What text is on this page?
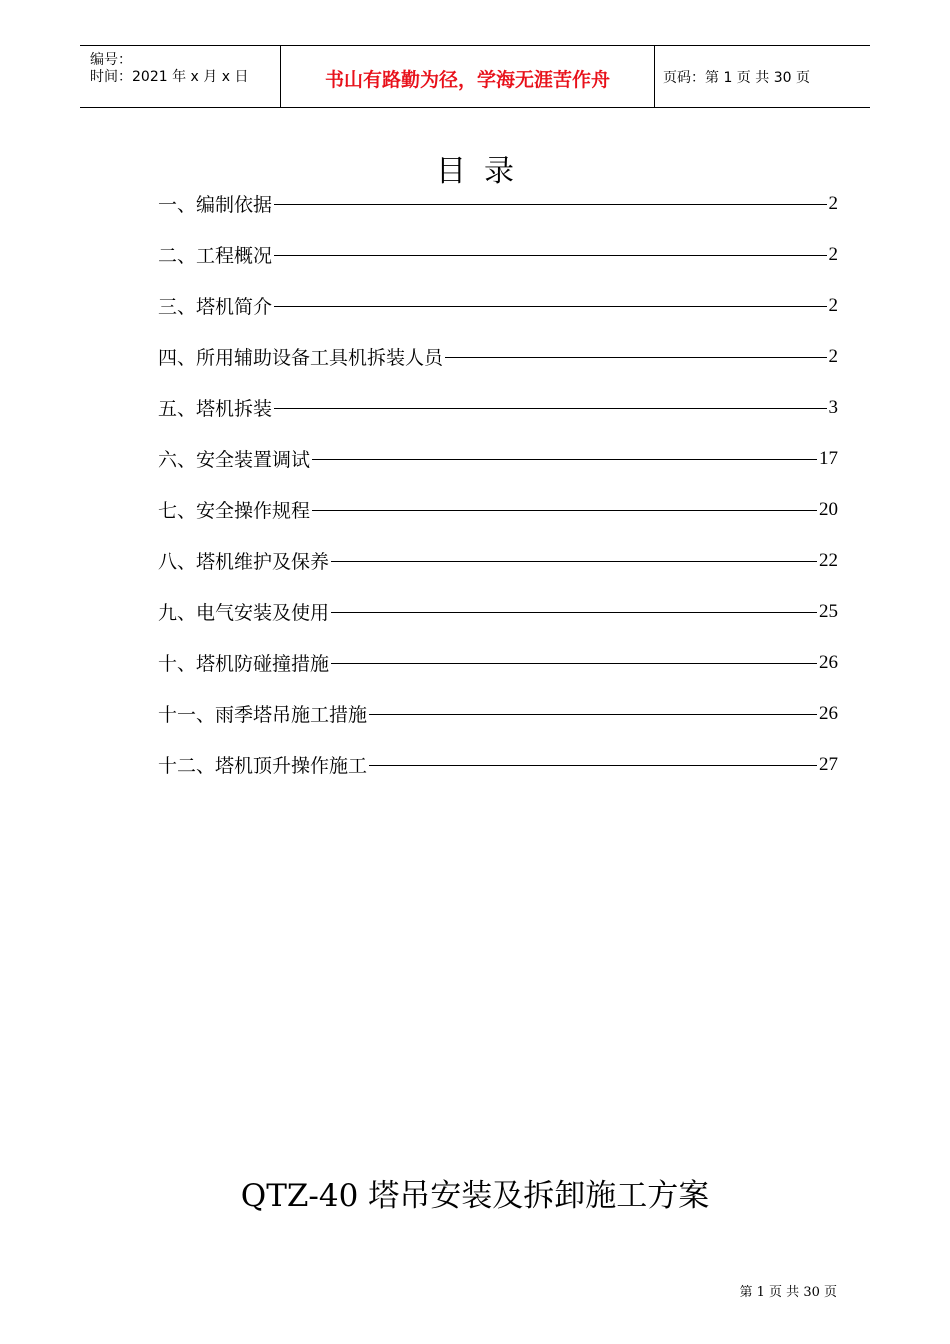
编号：
时间：2021 年 x 月 x 日	书山有路勤为径，学海无涯苦作舟	页码：第 1 页 共 30 页
目录
一、编制依据	2
二、工程概况	2
三、塔机简介	2
四、所用辅助设备工具机拆装人员	2
五、塔机拆装	3
六、安全装置调试	17
七、安全操作规程	20
八、塔机维护及保养	22
九、电气安装及使用	25
十、塔机防碰撞措施	26
十一、雨季塔吊施工措施	26
十二、塔机顶升操作施工	27
QTZ-40 塔吊安装及拆卸施工方案
第 1 页 共 30 页
